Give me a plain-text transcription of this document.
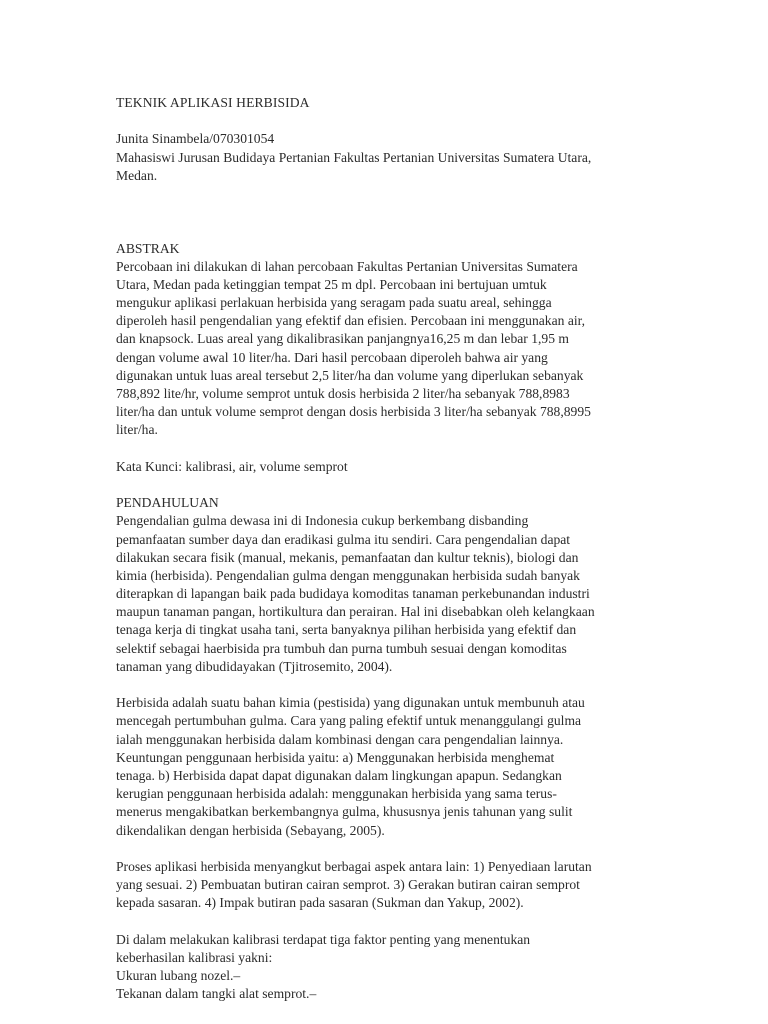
TEKNIK APLIKASI HERBISIDA
Junita Sinambela/070301054
Mahasiswi Jurusan Budidaya Pertanian Fakultas Pertanian Universitas Sumatera Utara,
Medan.
ABSTRAK
Percobaan ini dilakukan di lahan percobaan Fakultas Pertanian Universitas Sumatera
Utara, Medan pada ketinggian tempat 25 m dpl. Percobaan ini bertujuan umtuk
mengukur aplikasi perlakuan herbisida yang seragam pada suatu areal, sehingga
diperoleh hasil pengendalian yang efektif dan efisien. Percobaan ini menggunakan air,
dan knapsock. Luas areal yang dikalibrasikan panjangnya16,25 m dan lebar 1,95 m
dengan volume awal 10 liter/ha. Dari hasil percobaan diperoleh bahwa air yang
digunakan untuk luas areal tersebut 2,5 liter/ha dan volume yang diperlukan sebanyak
788,892 lite/hr, volume semprot untuk dosis herbisida 2 liter/ha sebanyak 788,8983
liter/ha dan untuk volume semprot dengan dosis herbisida 3 liter/ha sebanyak 788,8995
liter/ha.
Kata Kunci: kalibrasi, air, volume semprot
PENDAHULUAN
Pengendalian gulma dewasa ini di Indonesia cukup berkembang disbanding
pemanfaatan sumber daya dan eradikasi gulma itu sendiri. Cara pengendalian dapat
dilakukan secara fisik (manual, mekanis, pemanfaatan dan kultur teknis), biologi dan
kimia (herbisida). Pengendalian gulma dengan menggunakan herbisida sudah banyak
diterapkan di lapangan baik pada budidaya komoditas tanaman perkebunandan industri
maupun tanaman pangan, hortikultura dan perairan. Hal ini disebabkan oleh kelangkaan
tenaga kerja di tingkat usaha tani, serta banyaknya pilihan herbisida yang efektif dan
selektif sebagai haerbisida pra tumbuh dan purna tumbuh sesuai dengan komoditas
tanaman yang dibudidayakan (Tjitrosemito, 2004).
Herbisida adalah suatu bahan kimia (pestisida) yang digunakan untuk membunuh atau
mencegah pertumbuhan gulma. Cara yang paling efektif untuk menanggulangi gulma
ialah menggunakan herbisida dalam kombinasi dengan cara pengendalian lainnya.
Keuntungan penggunaan herbisida yaitu: a) Menggunakan herbisida menghemat
tenaga. b) Herbisida dapat dapat digunakan dalam lingkungan apapun. Sedangkan
kerugian penggunaan herbisida adalah: menggunakan herbisida yang sama terus-
menerus mengakibatkan berkembangnya gulma, khususnya jenis tahunan yang sulit
dikendalikan dengan herbisida (Sebayang, 2005).
Proses aplikasi herbisida menyangkut berbagai aspek antara lain: 1) Penyediaan larutan
yang sesuai. 2) Pembuatan butiran cairan semprot. 3) Gerakan butiran cairan semprot
kepada sasaran. 4) Impak butiran pada sasaran (Sukman dan Yakup, 2002).
Di dalam melakukan kalibrasi terdapat tiga faktor penting yang menentukan
keberhasilan kalibrasi yakni:
Ukuran lubang nozel.–
Tekanan dalam tangki alat semprot.–
